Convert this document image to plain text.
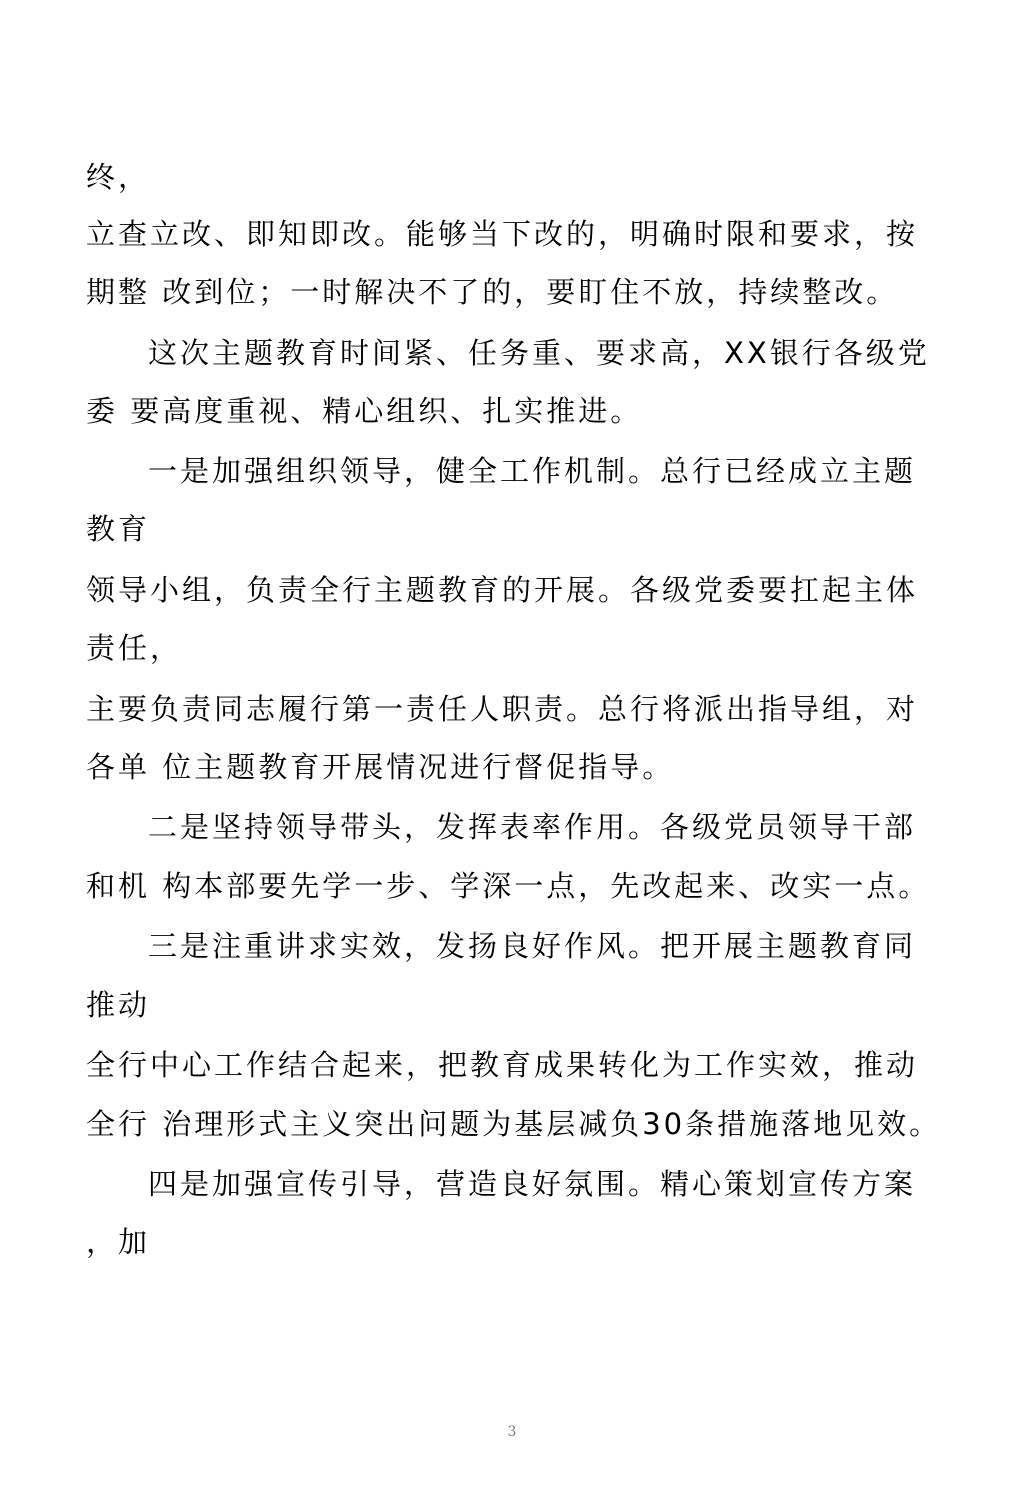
终，
立查立改、即知即改。能够当下改的，明确时限和要求，按
期整 改到位；一时解决不了的，要盯住不放，持续整改。
这次主题教育时间紧、任务重、要求高，XX银行各级党
委 要高度重视、精心组织、扎实推进。
一是加强组织领导，健全工作机制。总行已经成立主题
教育
领导小组，负责全行主题教育的开展。各级党委要扛起主体
责任，
主要负责同志履行第一责任人职责。总行将派出指导组，对
各单 位主题教育开展情况进行督促指导。
二是坚持领导带头，发挥表率作用。各级党员领导干部
和机 构本部要先学一步、学深一点，先改起来、改实一点。
三是注重讲求实效，发扬良好作风。把开展主题教育同
推动
全行中心工作结合起来，把教育成果转化为工作实效，推动
全行 治理形式主义突出问题为基层减负30条措施落地见效。
四是加强宣传引导，营造良好氛围。精心策划宣传方案
，加
3
